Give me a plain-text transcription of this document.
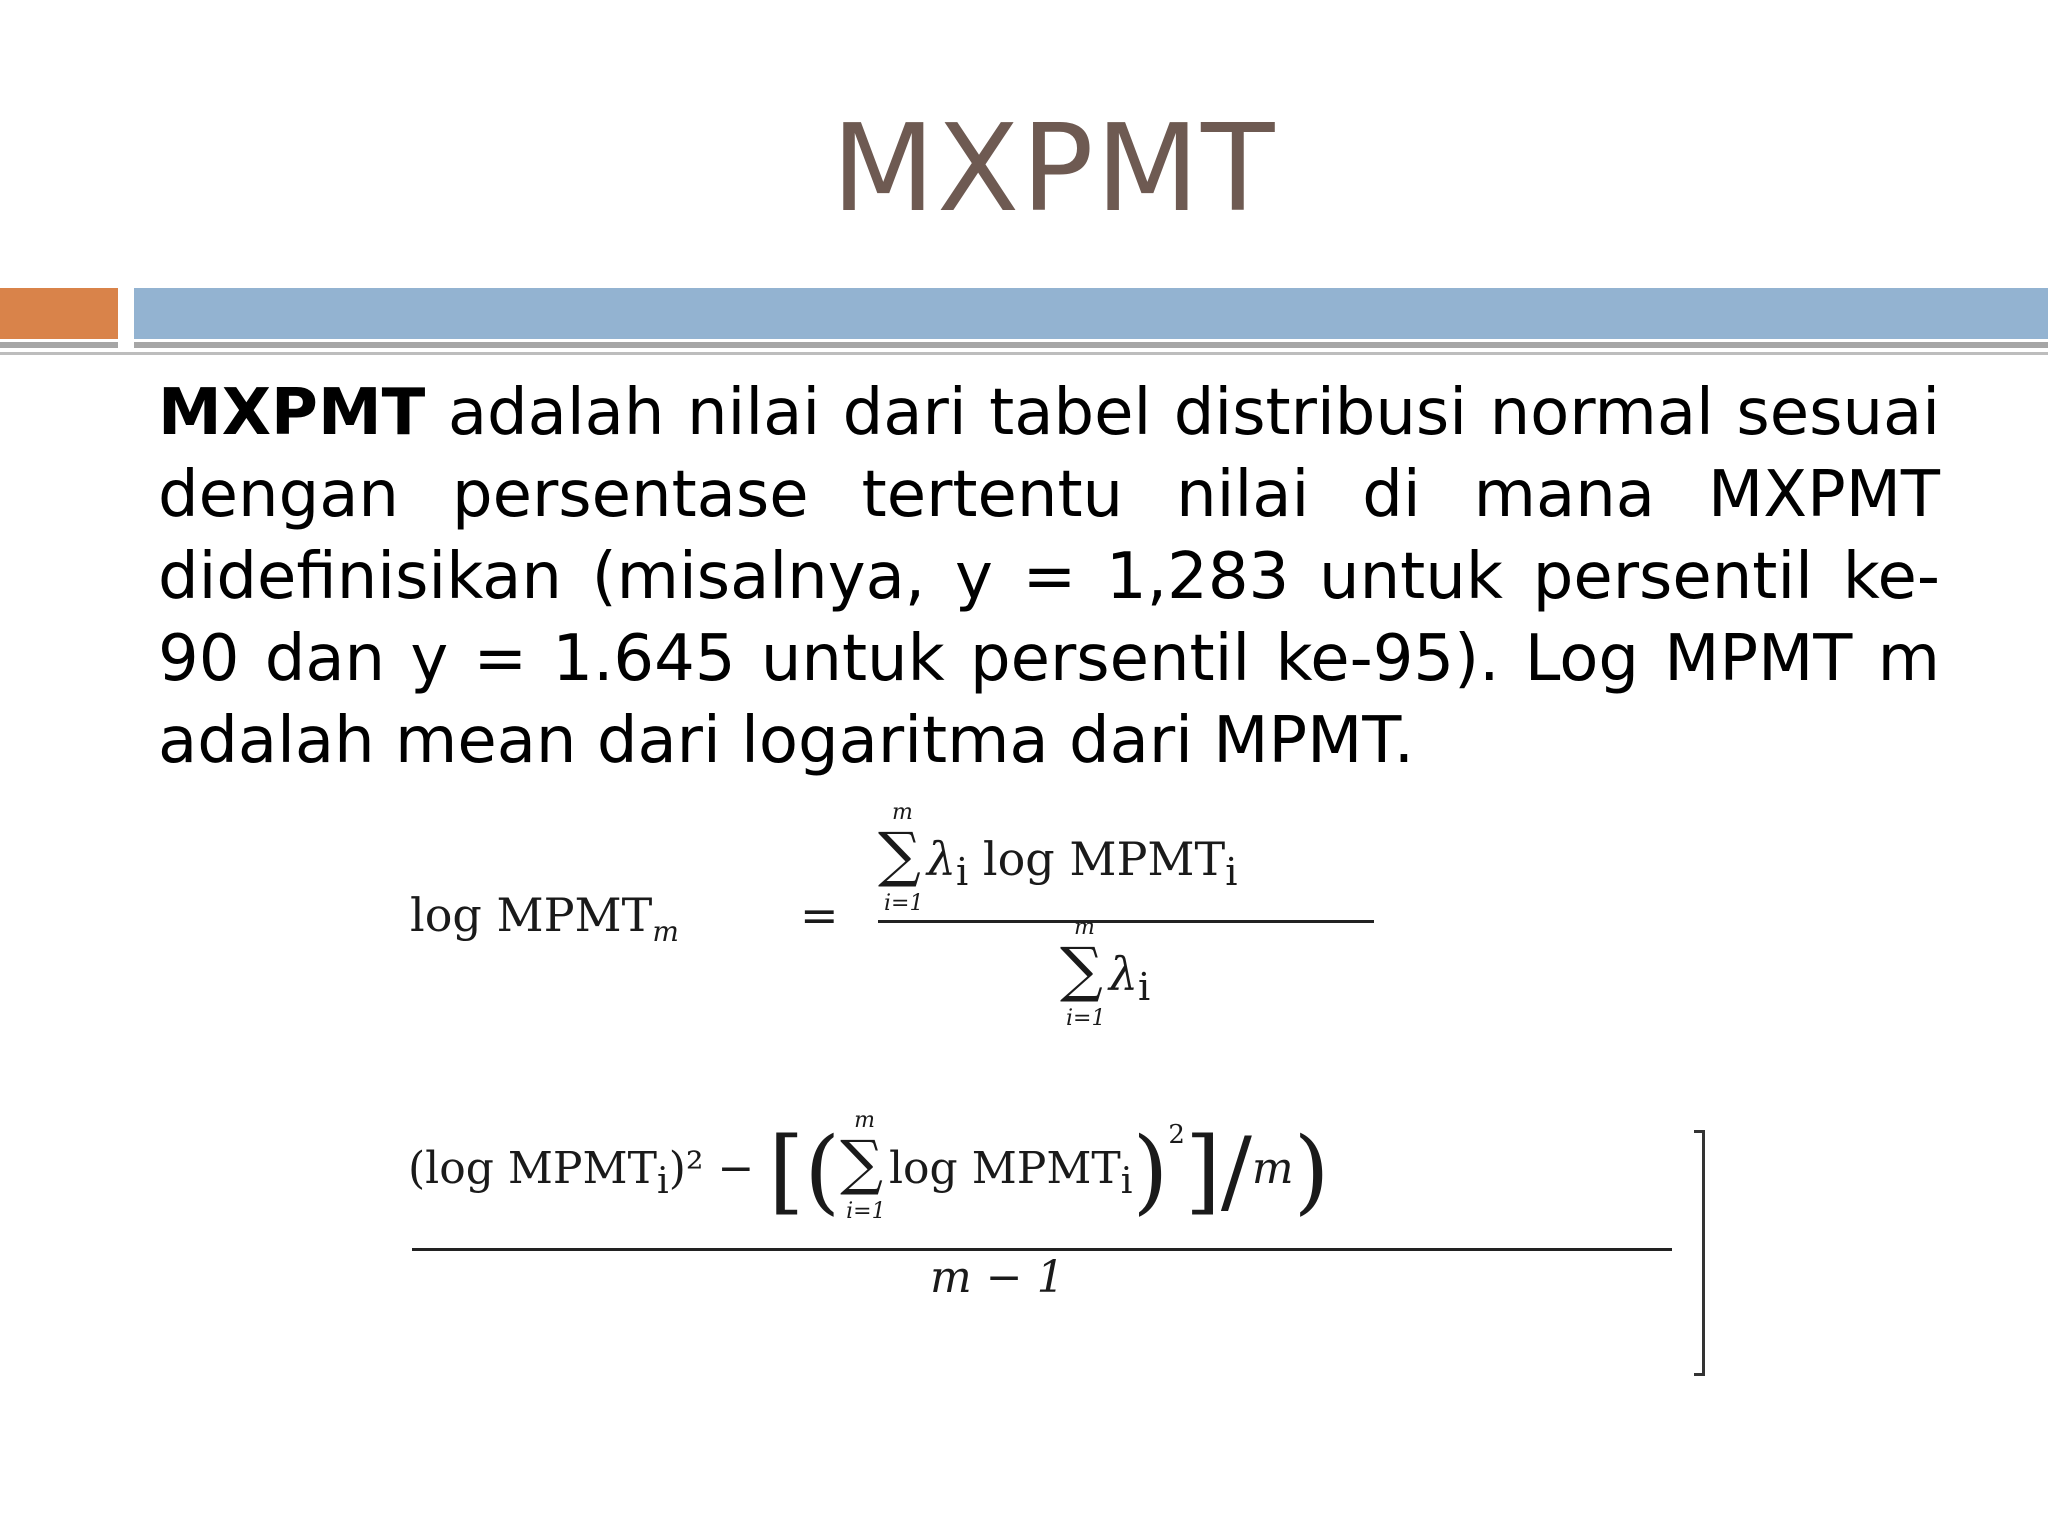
MXPMT
MXPMT adalah nilai dari tabel distribusi normal sesuai dengan persentase tertentu nilai di mana MXPMT didefinisikan (misalnya, y = 1,283 untuk persentil ke-90 dan y = 1.645 untuk persentil ke-95). Log MPMT m adalah mean dari logaritma dari MPMT.
$\log MPMT_m$	=
∑
m
i=1
$\lambda_i$ $\log MPMT_i$
∑
m
i=1
$\lambda_i$
(log $MPMT_i)^2$ − [(∑
m
i=1
$\log MPMT_i)^2]/m$)
m − 1
